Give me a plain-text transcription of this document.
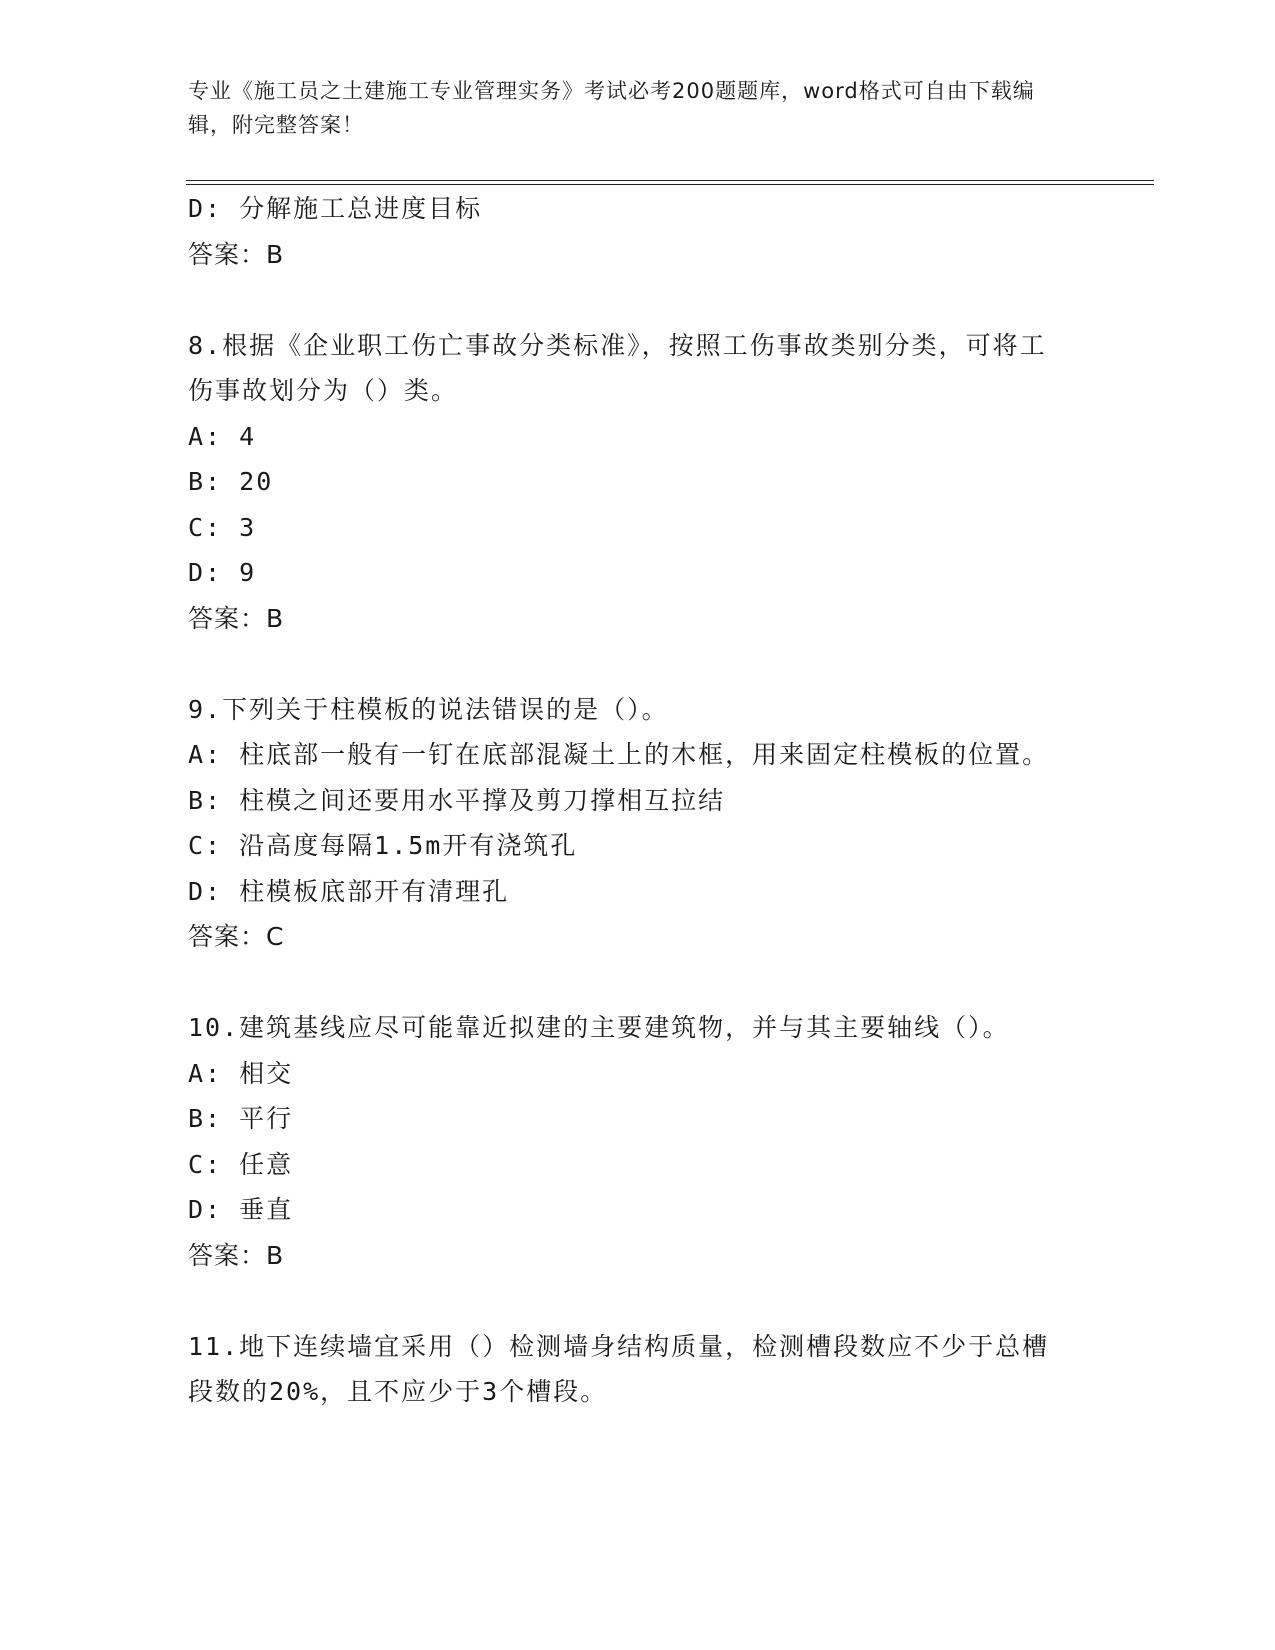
专业《施工员之土建施工专业管理实务》考试必考200题题库，word格式可自由下载编辑，附完整答案！
D: 分解施工总进度目标
答案：B
8.根据《企业职工伤亡事故分类标准》，按照工伤事故类别分类，可将工伤事故划分为（）类。
A: 4
B: 20
C: 3
D: 9
答案：B
9.下列关于柱模板的说法错误的是（）。
A: 柱底部一般有一钉在底部混凝土上的木框，用来固定柱模板的位置。
B: 柱模之间还要用水平撑及剪刀撑相互拉结
C: 沿高度每隔1.5m开有浇筑孔
D: 柱模板底部开有清理孔
答案：C
10.建筑基线应尽可能靠近拟建的主要建筑物，并与其主要轴线（）。
A: 相交
B: 平行
C: 任意
D: 垂直
答案：B
11.地下连续墙宜采用（）检测墙身结构质量，检测槽段数应不少于总槽段数的20%，且不应少于3个槽段。
